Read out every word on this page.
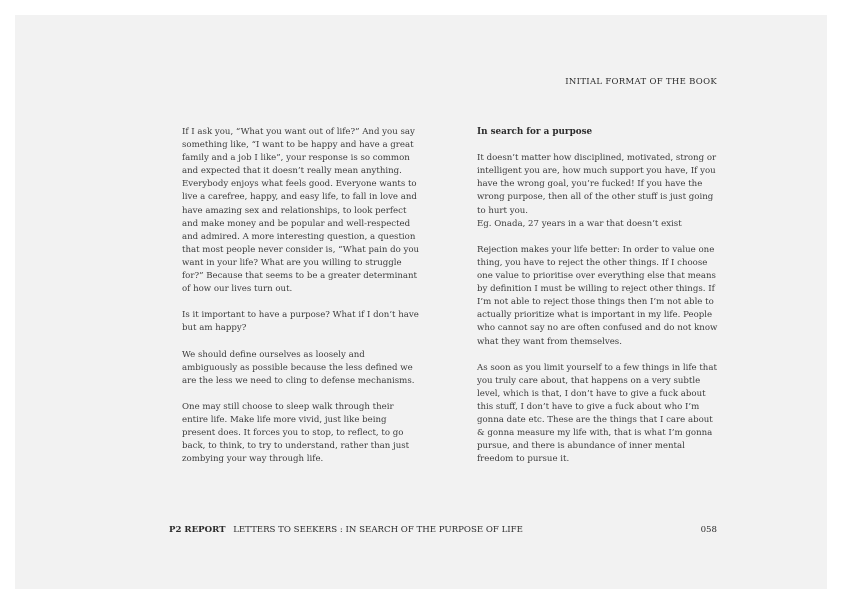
INITIAL FORMAT OF THE BOOK

If I ask you, “What you want out of life?” And you say something like, “I want to be happy and have a great family and a job I like”, your response is so common and expected that it doesn’t really mean anything. Everybody enjoys what feels good. Everyone wants to live a carefree, happy, and easy life, to fall in love and have amazing sex and relationships, to look perfect and make money and be popular and well-respected and admired. A more interesting question, a question that most people never consider is, “What pain do you want in your life? What are you willing to struggle for?” Because that seems to be a greater determinant of how our lives turn out.

Is it important to have a purpose? What if I don’t have but am happy?

We should define ourselves as loosely and ambiguously as possible because the less defined we are the less we need to cling to defense mechanisms.

One may still choose to sleep walk through their entire life. Make life more vivid, just like being present does. It forces you to stop, to reflect, to go back, to think, to try to understand, rather than just zombying your way through life.

In search for a purpose

It doesn’t matter how disciplined, motivated, strong or intelligent you are, how much support you have, If you have the wrong goal, you’re fucked! If you have the wrong purpose, then all of the other stuff is just going to hurt you.

Eg. Onada, 27 years in a war that doesn’t exist

Rejection makes your life better: In order to value one thing, you have to reject the other things. If I choose one value to prioritise over everything else that means by definition I must be willing to reject other things. If I’m not able to reject those things then I’m not able to actually prioritize what is important in my life. People who cannot say no are often confused and do not know what they want from themselves.

As soon as you limit yourself to a few things in life that you truly care about, that happens on a very subtle level, which is that, I don’t have to give a fuck about this stuff, I don’t have to give a fuck about who I’m gonna date etc. These are the things that I care about & gonna measure my life with, that is what I’m gonna pursue, and there is abundance of inner mental freedom to pursue it.

P2 REPORT LETTERS TO SEEKERS : IN SEARCH OF THE PURPOSE OF LIFE	058
